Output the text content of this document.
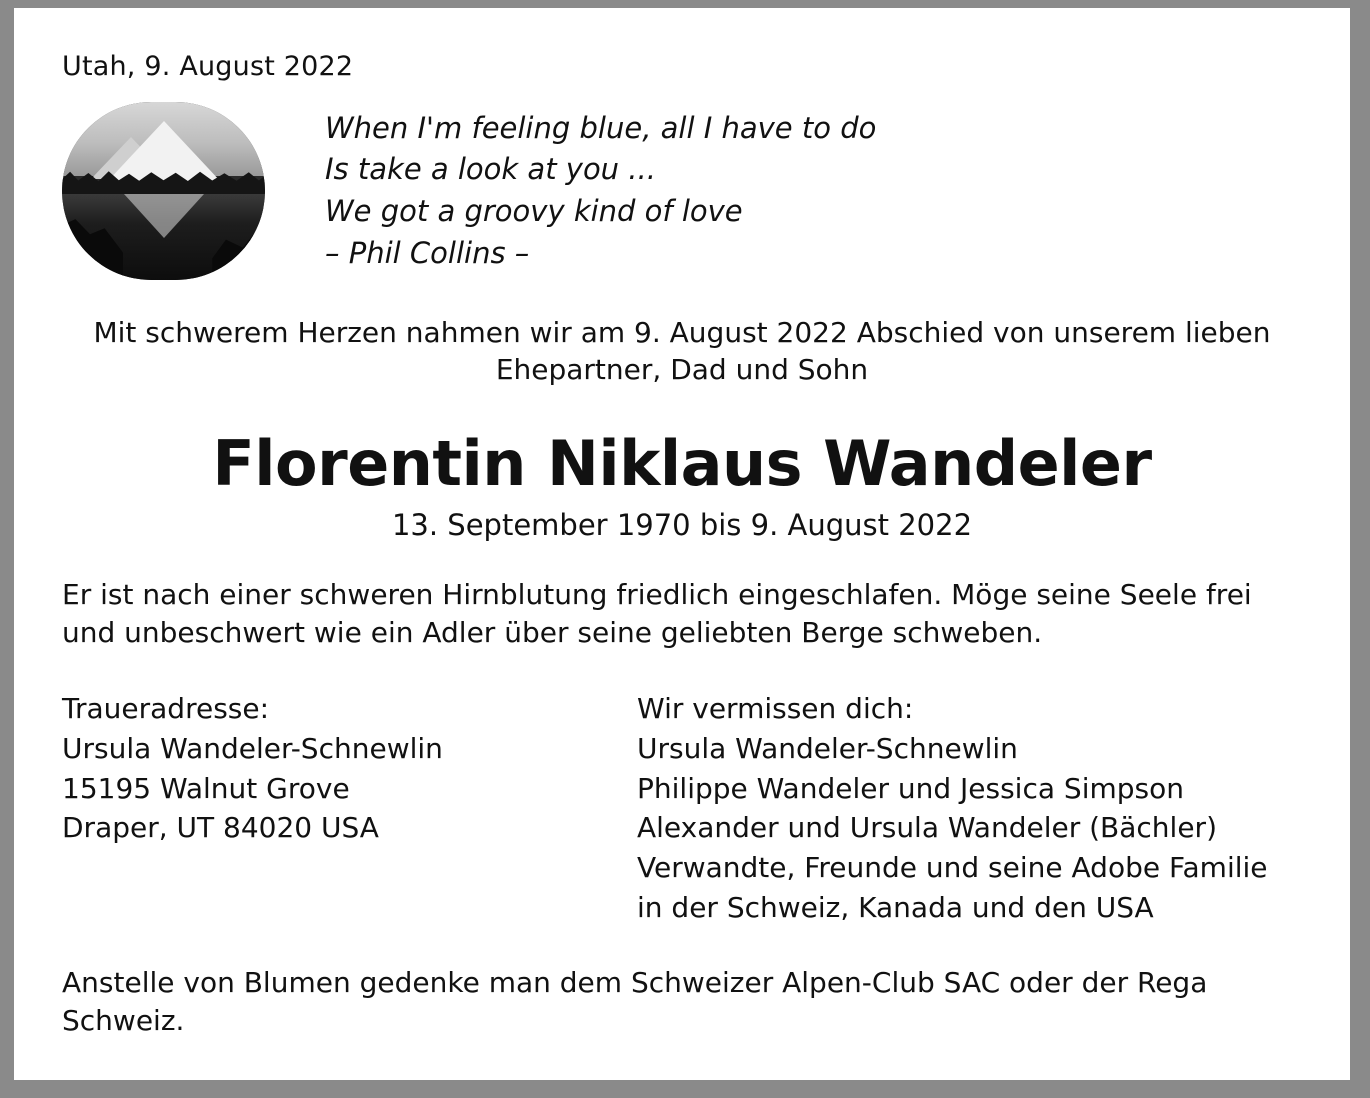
Utah, 9. August 2022
When I'm feeling blue, all I have to do
Is take a look at you ...
We got a groovy kind of love
– Phil Collins –
Mit schwerem Herzen nahmen wir am 9. August 2022 Abschied von unserem lieben
Ehepartner, Dad und Sohn
Florentin Niklaus Wandeler
13. September 1970 bis 9. August 2022
Er ist nach einer schweren Hirnblutung friedlich eingeschlafen. Möge seine Seele frei
und unbeschwert wie ein Adler über seine geliebten Berge schweben.
Traueradresse:
Ursula Wandeler-Schnewlin
15195 Walnut Grove
Draper, UT 84020 USA
Wir vermissen dich:
Ursula Wandeler-Schnewlin
Philippe Wandeler und Jessica Simpson
Alexander und Ursula Wandeler (Bächler)
Verwandte, Freunde und seine Adobe Familie
in der Schweiz, Kanada und den USA
Anstelle von Blumen gedenke man dem Schweizer Alpen-Club SAC oder der Rega
Schweiz.
